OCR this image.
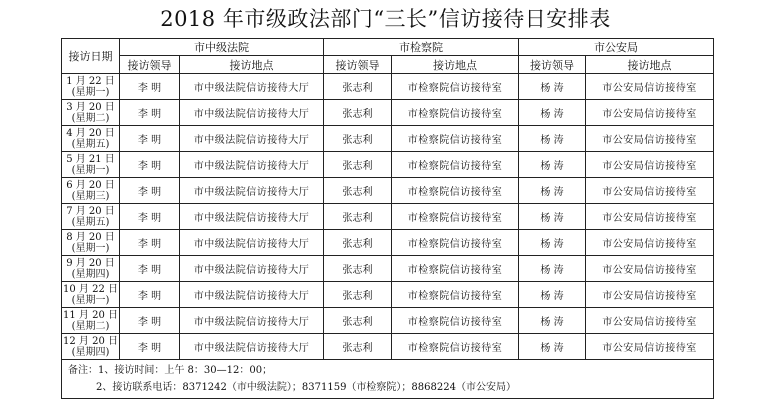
2018 年市级政法部门“三长”信访接待日安排表
接访日期	市中级法院		市检察院		市公安局	
	接访领导	接访地点	接访领导	接访地点	接访领导	接访地点

1 月 22 日
(星期一)	李 明	市中级法院信访接待大厅	张志利	市检察院信访接待室	杨 涛	市公安局信访接待室

3 月 20 日
(星期二)	李 明	市中级法院信访接待大厅	张志利	市检察院信访接待室	杨 涛	市公安局信访接待室

4 月 20 日
(星期五)	李 明	市中级法院信访接待大厅	张志利	市检察院信访接待室	杨 涛	市公安局信访接待室

5 月 21 日
(星期一)	李 明	市中级法院信访接待大厅	张志利	市检察院信访接待室	杨 涛	市公安局信访接待室

6 月 20 日
(星期三)	李 明	市中级法院信访接待大厅	张志利	市检察院信访接待室	杨 涛	市公安局信访接待室

7 月 20 日
(星期五)	李 明	市中级法院信访接待大厅	张志利	市检察院信访接待室	杨 涛	市公安局信访接待室

8 月 20 日
(星期一)	李 明	市中级法院信访接待大厅	张志利	市检察院信访接待室	杨 涛	市公安局信访接待室

9 月 20 日
(星期四)	李 明	市中级法院信访接待大厅	张志利	市检察院信访接待室	杨 涛	市公安局信访接待室

10 月 22 日
(星期一)	李 明	市中级法院信访接待大厅	张志利	市检察院信访接待室	杨 涛	市公安局信访接待室

11 月 20 日
(星期二)	李 明	市中级法院信访接待大厅	张志利	市检察院信访接待室	杨 涛	市公安局信访接待室

12 月 20 日
(星期四)	李 明	市中级法院信访接待大厅	张志利	市检察院信访接待室	杨 涛	市公安局信访接待室

备注：1、接访时间：上午 8：30—12：00；
2、接访联系电话：8371242（市中级法院）；8371159（市检察院）；8868224（市公安局）						
